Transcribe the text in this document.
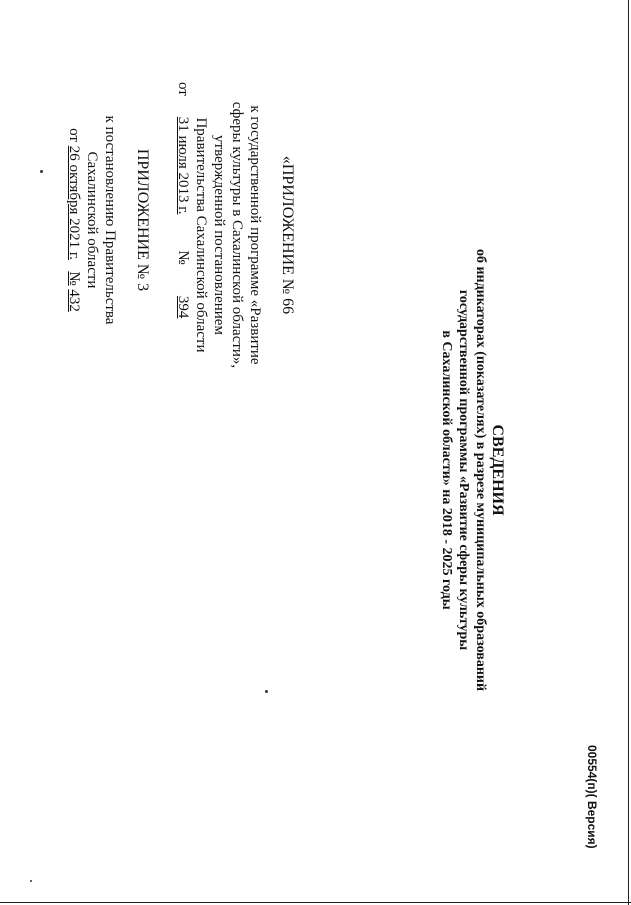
ПРИЛОЖЕНИЕ № 3
к постановлению Правительства
Сахалинской области
от 26 октября 2021 г.   № 432	«ПРИЛОЖЕНИЕ № 66
к государственной программе «Развитие
сферы культуры в Сахалинской области»,
утвержденной постановлением
Правительства Сахалинской области
от 31 июля 2013 г.     № 394
СВЕДЕНИЯ
об индикаторах (показателях) в разрезе муниципальных образований
государственной программы «Развитие сферы культуры
в Сахалинской области» на 2018 - 2025 годы
00554(п)( Версия)
